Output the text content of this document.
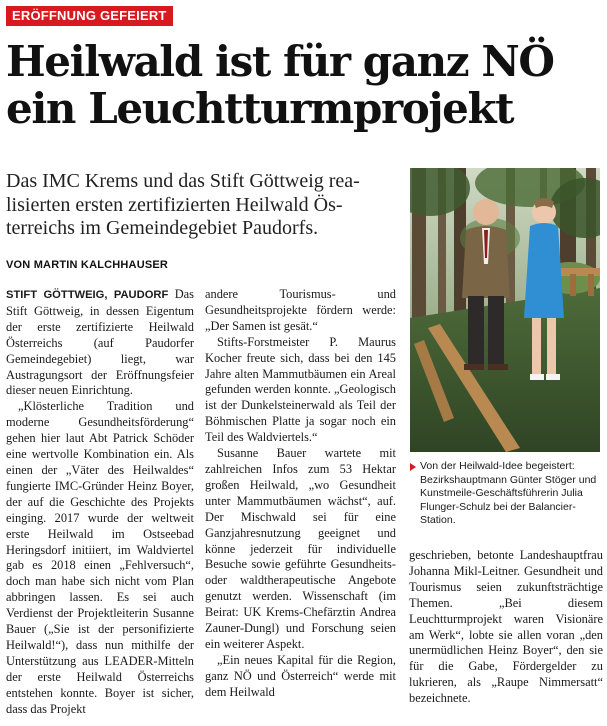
ERÖFFNUNG GEFEIERT
Heilwald ist für ganz NÖ
ein Leuchtturmprojekt

Das IMC Krems und das Stift Göttweig rea-
lisierten ersten zertifizierten Heilwald Ös-
terreichs im Gemeindegebiet Paudorfs.

VON MARTIN KALCHHAUSER

STIFT GÖTTWEIG, PAUDORF Das Stift Göttweig, in dessen Eigentum der erste zertifizierte Heilwald Österreichs (auf Paudorfer Gemeindegebiet) liegt, war Austragungsort der Eröffnungsfeier dieser neuen Einrichtung.

„Klösterliche Tradition und moderne Gesundheitsförderung“ gehen hier laut Abt Patrick Schöder eine wertvolle Kombination ein. Als einen der „Väter des Heilwaldes“ fungierte IMC-Gründer Heinz Boyer, der auf die Geschichte des Projekts einging. 2017 wurde der weltweit erste Heilwald im Ostseebad Heringsdorf initiiert, im Waldviertel gab es 2018 einen „Fehlversuch“, doch man habe sich nicht vom Plan abbringen lassen. Es sei auch Verdienst der Projektleiterin Susanne Bauer („Sie ist der personifizierte Heilwald!“), dass nun mithilfe der Unterstützung aus LEADER-Mitteln der erste Heilwald Österreichs entstehen konnte. Boyer ist sicher, dass das Projekt

andere Tourismus- und Gesundheitsprojekte fördern werde: „Der Samen ist gesät.“

Stifts-Forstmeister P. Maurus Kocher freute sich, dass bei den 145 Jahre alten Mammutbäumen ein Areal gefunden werden konnte. „Geologisch ist der Dunkelsteinerwald als Teil der Böhmischen Platte ja sogar noch ein Teil des Waldviertels.“

Susanne Bauer wartete mit zahlreichen Infos zum 53 Hektar großen Heilwald, „wo Gesundheit unter Mammutbäumen wächst“, auf. Der Mischwald sei für eine Ganzjahresnutzung geeignet und könne jederzeit für individuelle Besuche sowie geführte Gesundheits- oder waldtherapeutische Angebote genutzt werden. Wissenschaft (im Beirat: UK Krems-Chefärztin Andrea Zauner-Dungl) und Forschung seien ein weiterer Aspekt.

„Ein neues Kapital für die Region, ganz NÖ und Österreich“ werde mit dem Heilwald

Von der Heilwald-Idee begeistert: Bezirkshauptmann Günter Stöger und Kunstmeile-Geschäftsführerin Julia Flunger-Schulz bei der Balancier-Station.

geschrieben, betonte Landeshauptfrau Johanna Mikl-Leitner. Gesundheit und Tourismus seien zukunftsträchtige Themen. „Bei diesem Leuchtturmprojekt waren Visionäre am Werk“, lobte sie allen voran „den unermüdlichen Heinz Boyer“, den sie für die Gabe, Fördergelder zu lukrieren, als „Raupe Nimmersatt“ bezeichnete.
